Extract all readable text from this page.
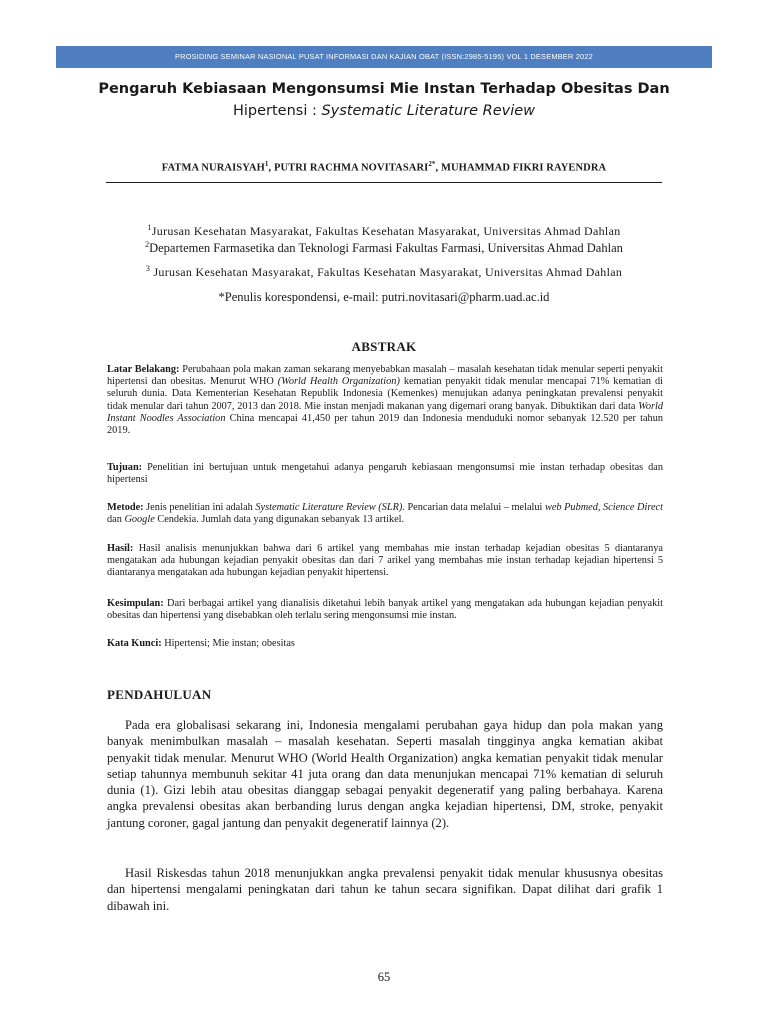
PROSIDING SEMINAR NASIONAL PUSAT INFORMASI DAN KAJIAN OBAT (ISSN:2985-5195) VOL 1 DESEMBER 2022
Pengaruh Kebiasaan Mengonsumsi Mie Instan Terhadap Obesitas Dan
Hipertensi : Systematic Literature Review
FATMA NURAISYAH$^1$, PUTRI RACHMA $NOVITASARI^{2*}$, MUHAMMAD FIKRI RAYENDRA
$^1$Jurusan Kesehatan Masyarakat, Fakultas Kesehatan Masyarakat, Universitas Ahmad Dahlan
$^2$Departemen Farmasetika dan Teknologi Farmasi Fakultas Farmasi, Universitas Ahmad Dahlan
$^3$ Jurusan Kesehatan Masyarakat, Fakultas Kesehatan Masyarakat, Universitas Ahmad Dahlan
*Penulis korespondensi, e-mail: putri.novitasari@pharm.uad.ac.id
ABSTRAK
Latar Belakang: Perubahaan pola makan zaman sekarang menyebabkan masalah – masalah kesehatan tidak menular seperti penyakit hipertensi dan obesitas. Menurut WHO (World Health Organization) kematian penyakit tidak menular mencapai 71% kematian di seluruh dunia. Data Kementerian Kesehatan Republik Indonesia (Kemenkes) menujukan adanya peningkatan prevalensi penyakit tidak menular dari tahun 2007, 2013 dan 2018. Mie instan menjadi makanan yang digemari orang banyak. Dibuktikan dari data World Instant Noodles Association China mencapai 41,450 per tahun 2019 dan Indonesia menduduki nomor sebanyak 12.520 per tahun 2019.
Tujuan: Penelitian ini bertujuan untuk mengetahui adanya pengaruh kebiasaan mengonsumsi mie instan terhadap obesitas dan hipertensi
Metode: Jenis penelitian ini adalah Systematic Literature Review (SLR). Pencarian data melalui – melalui web Pubmed, Science Direct dan Google Cendekia. Jumlah data yang digunakan sebanyak 13 artikel.
Hasil: Hasil analisis menunjukkan bahwa dari 6 artikel yang membahas mie instan terhadap kejadian obesitas 5 diantaranya mengatakan ada hubungan kejadian penyakit obesitas dan dari 7 arikel yang membahas mie instan terhadap kejadian hipertensi 5 diantaranya mengatakan ada hubungan kejadian penyakit hipertensi.
Kesimpulan: Dari berbagai artikel yang dianalisis diketahui lebih banyak artikel yang mengatakan ada hubungan kejadian penyakit obesitas dan hipertensi yang disebabkan oleh terlalu sering mengonsumsi mie instan.
Kata Kunci: Hipertensi; Mie instan; obesitas
PENDAHULUAN
Pada era globalisasi sekarang ini, Indonesia mengalami perubahan gaya hidup dan pola makan yang banyak menimbulkan masalah – masalah kesehatan. Seperti masalah tingginya angka kematian akibat penyakit tidak menular. Menurut WHO (World Health Organization) angka kematian penyakit tidak menular setiap tahunnya membunuh sekitar 41 juta orang dan data menunjukan mencapai 71% kematian di seluruh dunia (1). Gizi lebih atau obesitas dianggap sebagai penyakit degeneratif yang paling berbahaya. Karena angka prevalensi obesitas akan berbanding lurus dengan angka kejadian hipertensi, DM, stroke, penyakit jantung coroner, gagal jantung dan penyakit degeneratif lainnya (2).
Hasil Riskesdas tahun 2018 menunjukkan angka prevalensi penyakit tidak menular khususnya obesitas dan hipertensi mengalami peningkatan dari tahun ke tahun secara signifikan. Dapat dilihat dari grafik 1 dibawah ini.
65
